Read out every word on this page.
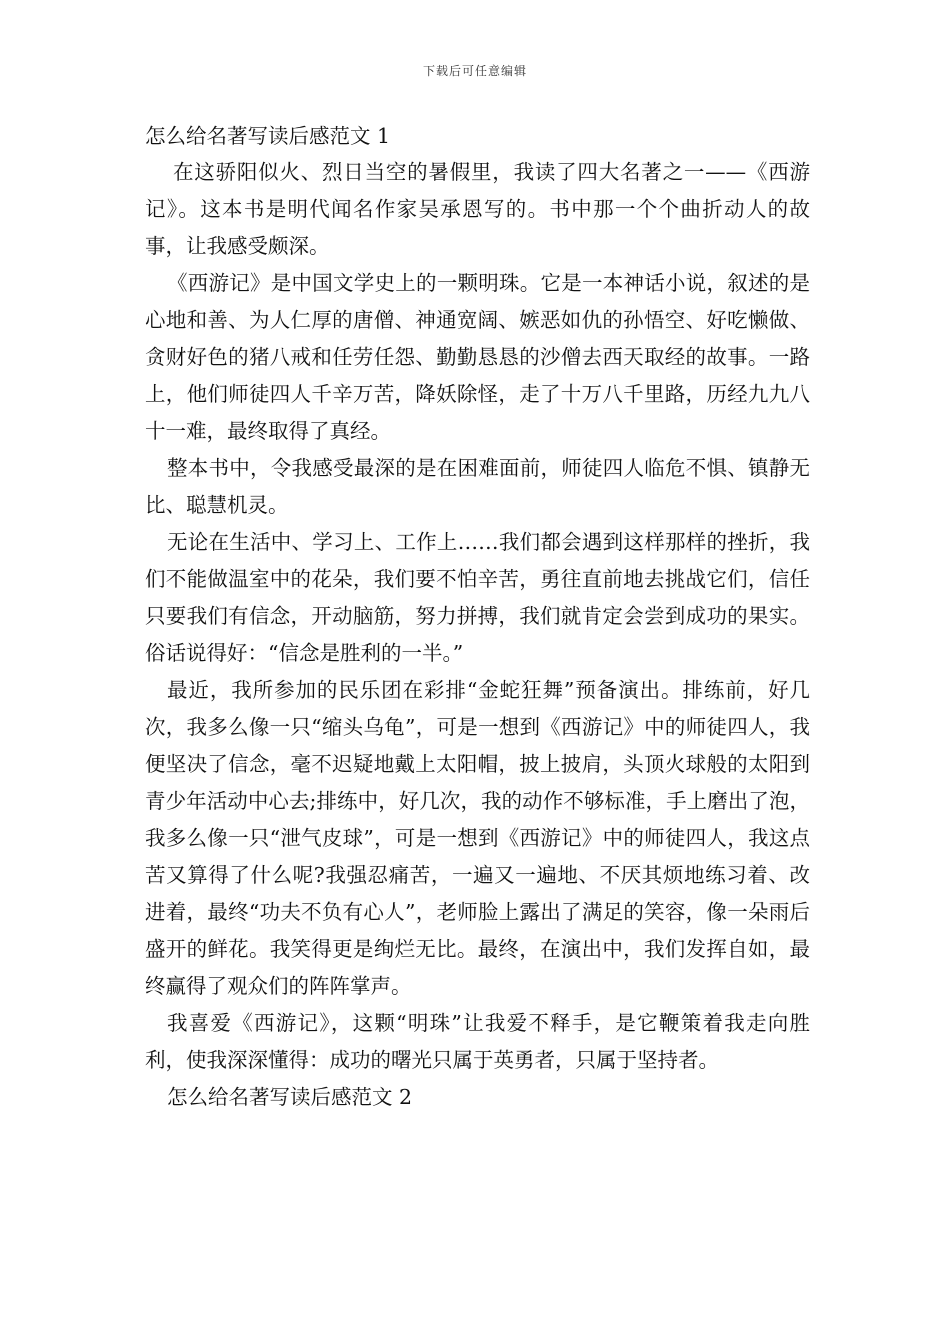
下载后可任意编辑

怎么给名著写读后感范文 1

在这骄阳似火、烈日当空的暑假里，我读了四大名著之一——《西游记》。这本书是明代闻名作家吴承恩写的。书中那一个个曲折动人的故事，让我感受颇深。

《西游记》是中国文学史上的一颗明珠。它是一本神话小说，叙述的是心地和善、为人仁厚的唐僧、神通宽阔、嫉恶如仇的孙悟空、好吃懒做、贪财好色的猪八戒和任劳任怨、勤勤恳恳的沙僧去西天取经的故事。一路上，他们师徒四人千辛万苦，降妖除怪，走了十万八千里路，历经九九八十一难，最终取得了真经。

整本书中，令我感受最深的是在困难面前，师徒四人临危不惧、镇静无比、聪慧机灵。

无论在生活中、学习上、工作上……我们都会遇到这样那样的挫折，我们不能做温室中的花朵，我们要不怕辛苦，勇往直前地去挑战它们，信任只要我们有信念，开动脑筋，努力拼搏，我们就肯定会尝到成功的果实。俗话说得好：“信念是胜利的一半。”

最近，我所参加的民乐团在彩排“金蛇狂舞”预备演出。排练前，好几次，我多么像一只“缩头乌龟”，可是一想到《西游记》中的师徒四人，我便坚决了信念，毫不迟疑地戴上太阳帽，披上披肩，头顶火球般的太阳到青少年活动中心去;排练中，好几次，我的动作不够标准，手上磨出了泡，我多么像一只“泄气皮球”，可是一想到《西游记》中的师徒四人，我这点苦又算得了什么呢?我强忍痛苦，一遍又一遍地、不厌其烦地练习着、改进着，最终“功夫不负有心人”，老师脸上露出了满足的笑容，像一朵雨后盛开的鲜花。我笑得更是绚烂无比。最终，在演出中，我们发挥自如，最终赢得了观众们的阵阵掌声。

我喜爱《西游记》，这颗“明珠”让我爱不释手，是它鞭策着我走向胜利，使我深深懂得：成功的曙光只属于英勇者，只属于坚持者。

怎么给名著写读后感范文 2
